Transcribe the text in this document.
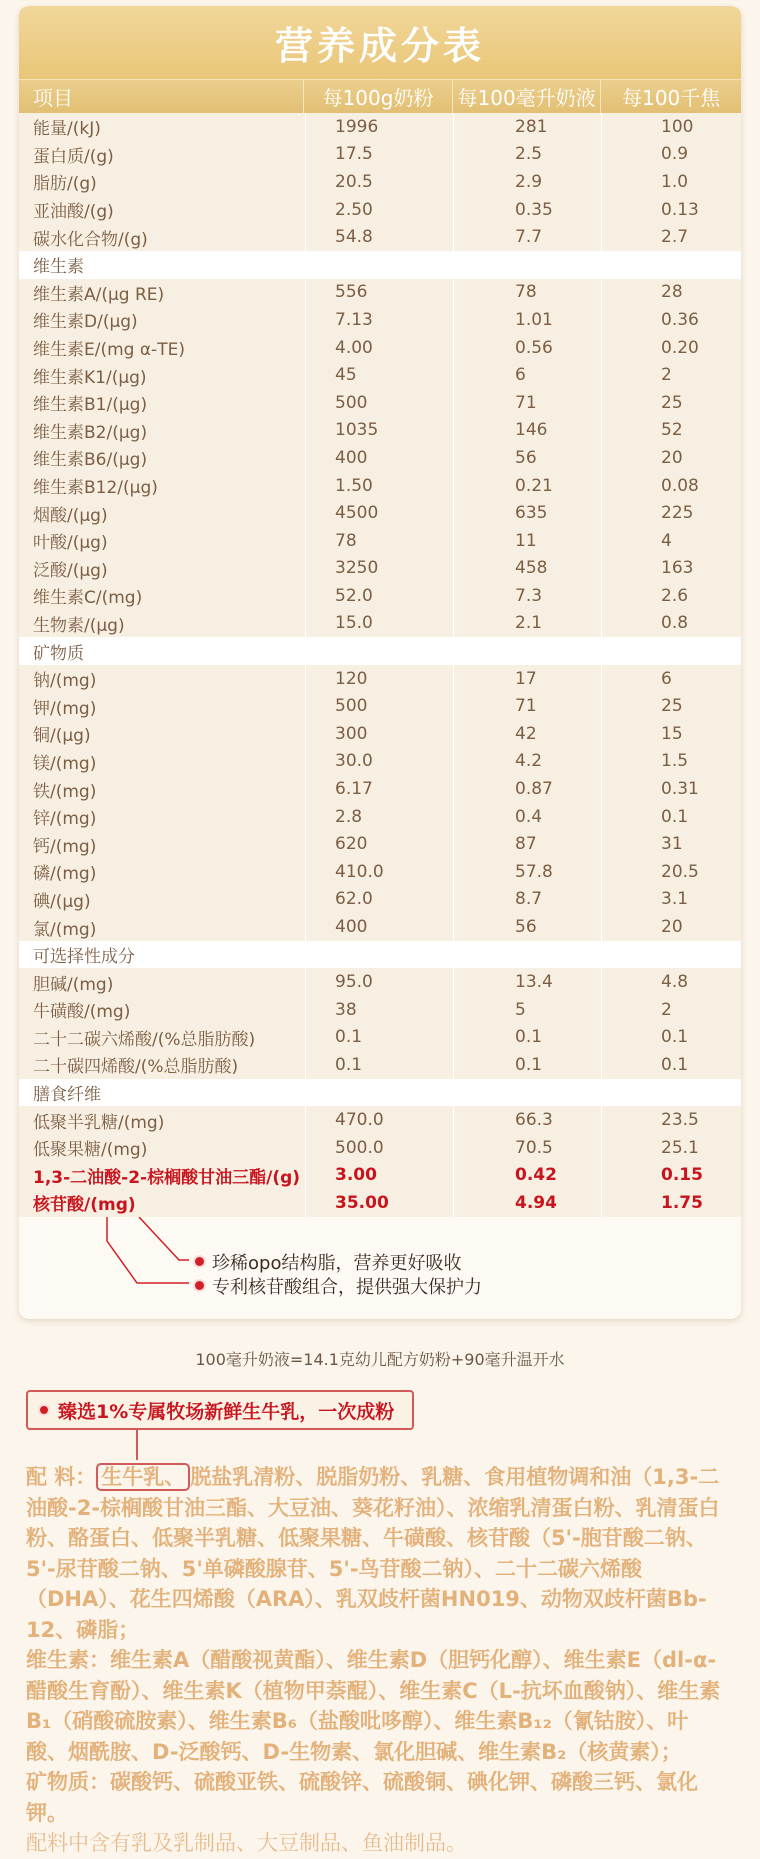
营养成分表
项目	每100g奶粉	每100毫升奶液	每100千焦
能量/(kJ)	1996	281	100
蛋白质/(g)	17.5	2.5	0.9
脂肪/(g)	20.5	2.9	1.0
亚油酸/(g)	2.50	0.35	0.13
碳水化合物/(g)	54.8	7.7	2.7
维生素
维生素A/(μg RE)	556	78	28
维生素D/(μg)	7.13	1.01	0.36
维生素E/(mg α-TE)	4.00	0.56	0.20
维生素K1/(μg)	45	6	2
维生素B1/(μg)	500	71	25
维生素B2/(μg)	1035	146	52
维生素B6/(μg)	400	56	20
维生素B12/(μg)	1.50	0.21	0.08
烟酸/(μg)	4500	635	225
叶酸/(μg)	78	11	4
泛酸/(μg)	3250	458	163
维生素C/(mg)	52.0	7.3	2.6
生物素/(μg)	15.0	2.1	0.8
矿物质
钠/(mg)	120	17	6
钾/(mg)	500	71	25
铜/(μg)	300	42	15
镁/(mg)	30.0	4.2	1.5
铁/(mg)	6.17	0.87	0.31
锌/(mg)	2.8	0.4	0.1
钙/(mg)	620	87	31
磷/(mg)	410.0	57.8	20.5
碘/(μg)	62.0	8.7	3.1
氯/(mg)	400	56	20
可选择性成分
胆碱/(mg)	95.0	13.4	4.8
牛磺酸/(mg)	38	5	2
二十二碳六烯酸/(%总脂肪酸)	0.1	0.1	0.1
二十碳四烯酸/(%总脂肪酸)	0.1	0.1	0.1
膳食纤维
低聚半乳糖/(mg)	470.0	66.3	23.5
低聚果糖/(mg)	500.0	70.5	25.1
1,3-二油酸-2-棕榈酸甘油三酯/(g)	3.00	0.42	0.15
核苷酸/(mg)	35.00	4.94	1.75
珍稀opo结构脂，营养更好吸收
专利核苷酸组合，提供强大保护力
100毫升奶液=14.1克幼儿配方奶粉+90毫升温开水
臻选1%专属牧场新鲜生牛乳，一次成粉

配 料： 生牛乳、 脱盐乳清粉、脱脂奶粉、乳糖、食用植物调和油（1,3-二油酸-2-棕榈酸甘油三酯、大豆油、葵花籽油）、浓缩乳清蛋白粉、乳清蛋白粉、酪蛋白、低聚半乳糖、低聚果糖、牛磺酸、核苷酸（5'-胞苷酸二钠、5'-尿苷酸二钠、5'单磷酸腺苷、5'-鸟苷酸二钠）、二十二碳六烯酸（DHA）、花生四烯酸（ARA）、乳双歧杆菌HN019、动物双歧杆菌Bb-12、磷脂；

维生素：维生素A（醋酸视黄酯）、维生素D（胆钙化醇）、维生素E（dl-α-醋酸生育酚）、维生素K（植物甲萘醌）、维生素C（L-抗坏血酸钠）、维生素B₁（硝酸硫胺素）、维生素B₆（盐酸吡哆醇）、维生素B₁₂（氰钴胺）、叶酸、烟酰胺、D-泛酸钙、D-生物素、氯化胆碱、维生素B₂（核黄素）；

矿物质：碳酸钙、硫酸亚铁、硫酸锌、硫酸铜、碘化钾、磷酸三钙、氯化钾。

配料中含有乳及乳制品、大豆制品、鱼油制品。
